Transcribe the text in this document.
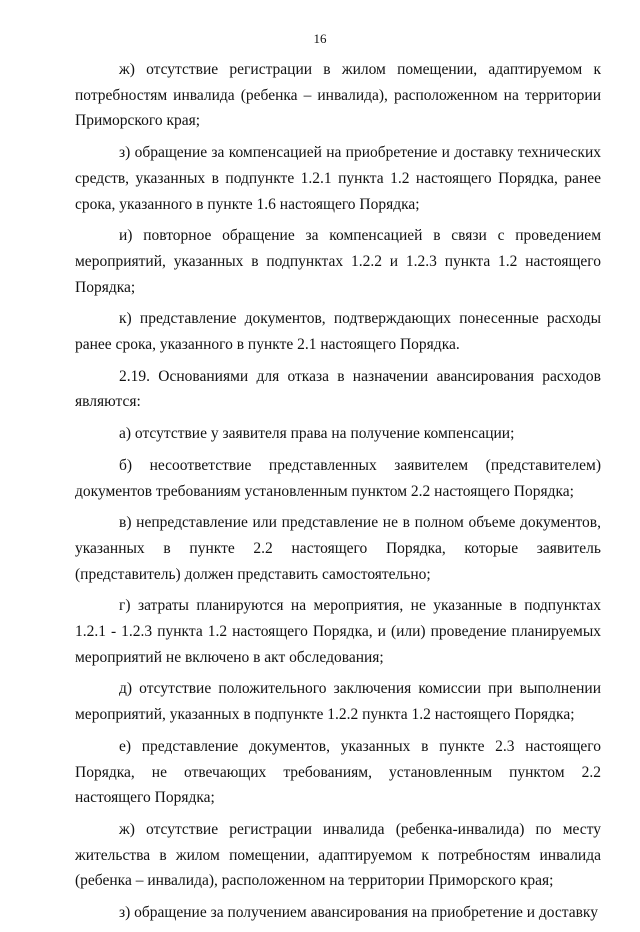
16

ж) отсутствие регистрации в жилом помещении, адаптируемом к потребностям инвалида (ребенка – инвалида), расположенном на территории Приморского края;

з) обращение за компенсацией на приобретение и доставку технических средств, указанных в подпункте 1.2.1 пункта 1.2 настоящего Порядка, ранее срока, указанного в пункте 1.6 настоящего Порядка;

и) повторное обращение за компенсацией в связи с проведением мероприятий, указанных в подпунктах 1.2.2 и 1.2.3 пункта 1.2 настоящего Порядка;

к) представление документов, подтверждающих понесенные расходы ранее срока, указанного в пункте 2.1 настоящего Порядка.

2.19. Основаниями для отказа в назначении авансирования расходов являются:

а) отсутствие у заявителя права на получение компенсации;

б) несоответствие представленных заявителем (представителем) документов требованиям установленным пунктом 2.2 настоящего Порядка;

в) непредставление или представление не в полном объеме документов, указанных в пункте 2.2 настоящего Порядка, которые заявитель (представитель) должен представить самостоятельно;

г) затраты планируются на мероприятия, не указанные в подпунктах 1.2.1 - 1.2.3 пункта 1.2 настоящего Порядка, и (или) проведение планируемых мероприятий не включено в акт обследования;

д) отсутствие положительного заключения комиссии при выполнении мероприятий, указанных в подпункте 1.2.2 пункта 1.2 настоящего Порядка;

е) представление документов, указанных в пункте 2.3 настоящего Порядка, не отвечающих требованиям, установленным пунктом 2.2 настоящего Порядка;

ж) отсутствие регистрации инвалида (ребенка-инвалида) по месту жительства в жилом помещении, адаптируемом к потребностям инвалида (ребенка – инвалида), расположенном на территории Приморского края;

з) обращение за получением авансирования на приобретение и доставку
